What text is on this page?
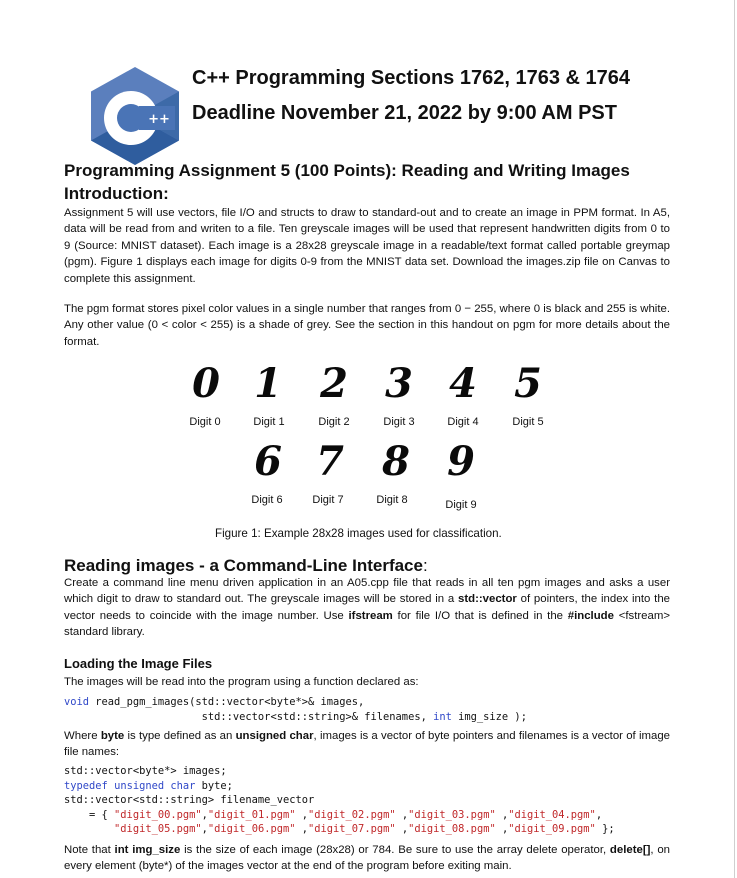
++
C++ Programming Sections 1762, 1763 & 1764
Deadline November 21, 2022 by 9:00 AM PST
Programming Assignment 5 (100 Points): Reading and Writing Images
Introduction:
Assignment 5 will use vectors, file I/O and structs to draw to standard-out and to create an image in PPM format. In A5, data will be read from and writen to a file. Ten greyscale images will be used that represent handwritten digits from 0 to 9 (Source: MNIST dataset). Each image is a 28x28 greyscale image in a readable/text format called portable greymap (pgm). Figure 1 displays each image for digits 0-9 from the MNIST data set. Download the images.zip file on Canvas to complete this assignment.
The pgm format stores pixel color values in a single number that ranges from 0 − 255, where 0 is black and 255 is white. Any other value (0 < color < 255) is a shade of grey. See the section in this handout on pgm for more details about the format.
0 1 2 3 4 5
Digit 0	Digit 1	Digit 2	Digit 3	Digit 4	Digit 5
6 7 8 9
Digit 6	Digit 7	Digit 8	Digit 9
Figure 1: Example 28x28 images used for classification.
Reading images - a Command-Line Interface:
Create a command line menu driven application in an A05.cpp file that reads in all ten pgm images and asks a user which digit to draw to standard out. The greyscale images will be stored in a std::vector of pointers, the index into the vector needs to coincide with the image number. Use ifstream for file I/O that is defined in the #include <fstream> standard library.
Loading the Image Files
The images will be read into the program using a function declared as:
void read_pgm_images(std::vector<byte*>& images,
std::vector<std::string>& filenames, int img_size );
Where byte is type defined as an unsigned char, images is a vector of byte pointers and filenames is a vector of image file names:
std::vector<byte*> images;
typedef unsigned char byte;
std::vector<std::string> filename_vector
= { "digit_00.pgm","digit_01.pgm" ,"digit_02.pgm" ,"digit_03.pgm" ,"digit_04.pgm",
"digit_05.pgm","digit_06.pgm" ,"digit_07.pgm" ,"digit_08.pgm" ,"digit_09.pgm" };
Note that int img_size is the size of each image (28x28) or 784. Be sure to use the array delete operator, delete[], on every element (byte*) of the images vector at the end of the program before exiting main.
